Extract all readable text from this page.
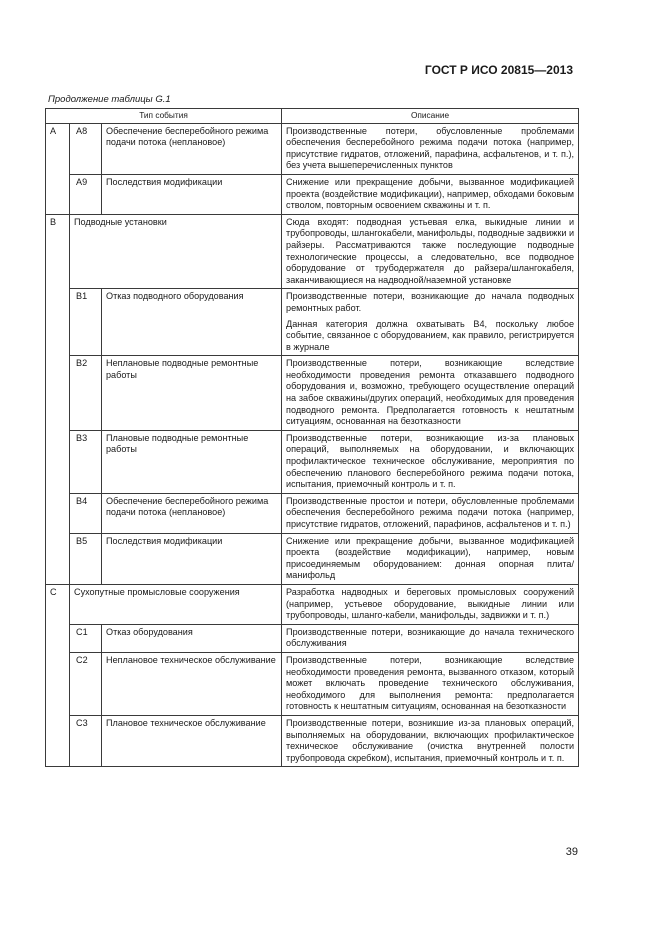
ГОСТ Р ИСО 20815—2013
Продолжение таблицы G.1
Тип события			Описание
A	A8	Обеспечение бесперебойного режима подачи потока (неплановое)	Производственные потери, обусловленные проблемами обеспечения бесперебойного режима подачи потока (например, присутствие гидратов, отложений, парафина, асфальтенов, и т. п.), без учета вышеперечисленных пунктов
	A9	Последствия модификации	Снижение или прекращение добычи, вызванное модификацией проекта (воздействие модификации), например, обходами боковым стволом, повторным освоением скважины и т. п.
B	Подводные установки		Сюда входят: подводная устьевая елка, выкидные линии и трубопроводы, шлангокабели, манифольды, подводные задвижки и райзеры. Рассматриваются также последующие подводные технологические процессы, а следовательно, все подводное оборудование от трубодержателя до райзера/шлангокабеля, заканчивающиеся на надводной/наземной установке
	B1	Отказ подводного оборудования	Производственные потери, возникающие до начала подводных ремонтных работ.

Данная категория должна охватывать B4, поскольку любое событие, связанное с оборудованием, как правило, регистрируется в журнале

	B2	Неплановые подводные ремонтные работы	Производственные потери, возникающие вследствие необходимости проведения ремонта отказавшего подводного оборудования и, возможно, требующего осуществление операций на забое скважины/других операций, необходимых для проведения подводного ремонта. Предполагается готовность к нештатным ситуациям, основанная на безотказности
	B3	Плановые подводные ремонтные работы	Производственные потери, возникающие из-за плановых операций, выполняемых на оборудовании, и включающих профилактическое техническое обслуживание, мероприятия по обеспечению планового бесперебойного режима подачи потока, испытания, приемочный контроль и т. п.
	B4	Обеспечение бесперебойного режима подачи потока (неплановое)	Производственные простои и потери, обусловленные проблемами обеспечения бесперебойного режима подачи потока (например, присутствие гидратов, отложений, парафинов, асфальтенов и т. п.)
	B5	Последствия модификации	Снижение или прекращение добычи, вызванное модификацией проекта (воздействие модификации), например, новым присоединяемым оборудованием: донная опорная плита/манифольд
C	Сухопутные промысловые сооружения		Разработка надводных и береговых промысловых сооружений (например, устьевое оборудование, выкидные линии или трубопроводы, шланго-кабели, манифольды, задвижки и т. п.)
	C1	Отказ оборудования	Производственные потери, возникающие до начала технического обслуживания
	C2	Неплановое техническое обслуживание	Производственные потери, возникающие вследствие необходимости проведения ремонта, вызванного отказом, который может включать проведение технического обслуживания, необходимого для выполнения ремонта: предполагается готовность к нештатным ситуациям, основанная на безотказности
	C3	Плановое техническое обслуживание	Производственные потери, возникшие из-за плановых операций, выполняемых на оборудовании, включающих профилактическое техническое обслуживание (очистка внутренней полости трубопровода скребком), испытания, приемочный контроль и т. п.
39
